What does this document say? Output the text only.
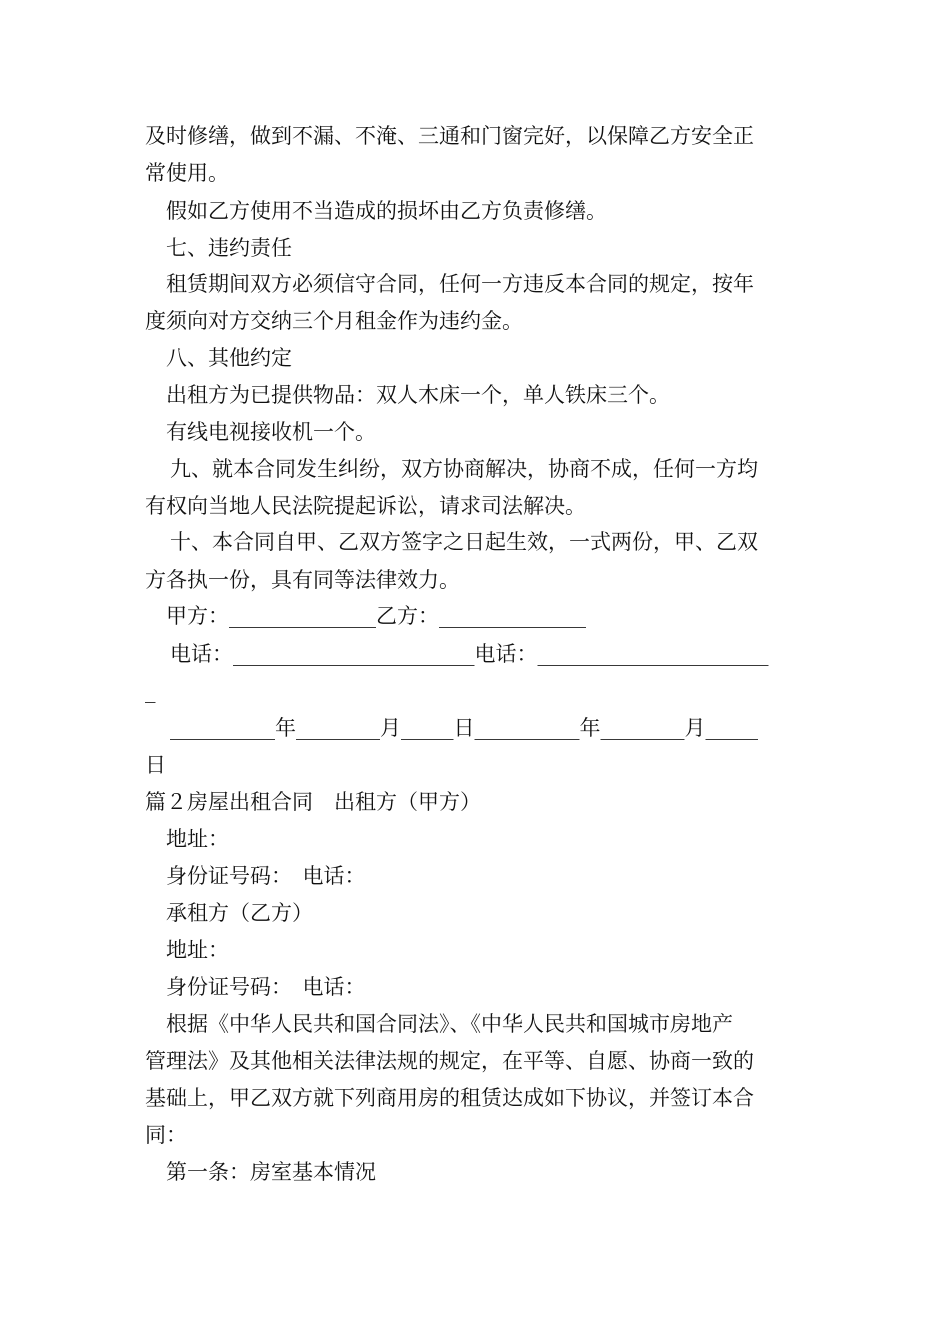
及时修缮，做到不漏、不淹、三通和门窗完好，以保障乙方安全正
常使用。
假如乙方使用不当造成的损坏由乙方负责修缮。
七、违约责任
租赁期间双方必须信守合同，任何一方违反本合同的规定，按年
度须向对方交纳三个月租金作为违约金。
八、其他约定
出租方为已提供物品：双人木床一个，单人铁床三个。
有线电视接收机一个。
九、就本合同发生纠纷，双方协商解决，协商不成，任何一方均
有权向当地人民法院提起诉讼，请求司法解决。
十、本合同自甲、乙双方签字之日起生效，一式两份，甲、乙双
方各执一份，具有同等法律效力。
甲方：______________乙方：______________
电话：_______________________电话：______________________
_
__________年________月_____日__________年________月_____
日
篇２房屋出租合同　出租方（甲方）
地址：
身份证号码：　电话：
承租方（乙方）
地址：
身份证号码：　电话：
根据《中华人民共和国合同法》、《中华人民共和国城市房地产
管理法》及其他相关法律法规的规定，在平等、自愿、协商一致的
基础上，甲乙双方就下列商用房的租赁达成如下协议，并签订本合
同：
第一条：房室基本情况
